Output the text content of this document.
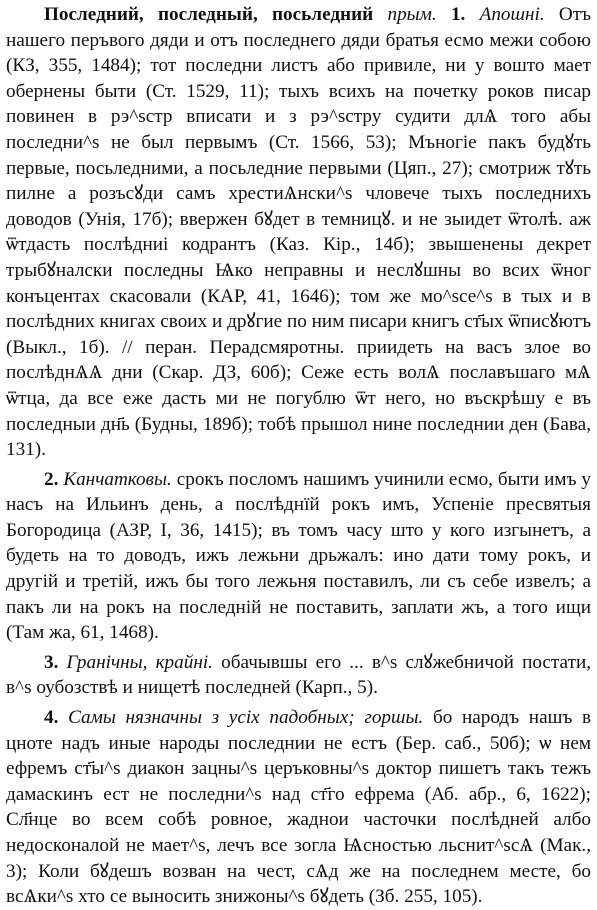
Последний, последный, посьледний прым. 1. Апошні. Отъ нашего перъвого дяди и отъ последнего дяди братья есмо межи собою (КЗ, 355, 1484); тот последни листъ або привиле, ни у вошто мает обернены быти (Ст. 1529, 11); тыхъ всихъ на почетку роков писар повинен в рэ^sстр вписати и з рэ^sстру судити длѦ того абы последни^s не был первымъ (Ст. 1566, 53); Мъногіе пакъ будꙋть первые, посьледними, а посьледние первыми (Цяп., 27); смотриж тꙋть пилне а розъсꙋди самъ хрестиѦнски^s чловече тыхъ последнихъ доводов (Унія, 17б); ввержен бꙋдет в темницꙋ. и не зыидет ѿтолѣ. аж ѿтдасть послѣдниі кодрантъ (Каз. Кір., 14б); звышенены декрет трыбꙋналски последны Ѩко неправны и неслꙋшны во всих ѿног конъцентах скасовали (КАР, 41, 1646); том же мо^sсе^s в тых и в послѣдних книгах своих и дрꙋгие по ним писари книгъ ст҃ых ѿписꙋютъ (Выкл., 1б). // перан. Перадсмяротны. приидеть на васъ злое во послѣднѦѦ дни (Скар. ДЗ, 60б); Сеже есть волѦ пославъшаго мѦ ѿтца, да все еже дасть ми не погублю ѿт него, но въскрѣшу е въ последныи дн҃ь (Будны, 189б); тобѣ прышол нине последнии ден (Бава, 131).

2. Канчатковы. срокъ посломъ нашимъ учинили есмо, быти имъ у насъ на Ильинъ день, а послѣднїй рокъ имъ, Успеніе пресвятыя Богородица (АЗР, I, 36, 1415); въ томъ часу што у кого изгынетъ, а будеть на то доводъ, ижъ лежьни дрьжалъ: ино дати тому рокъ, и другій и третій, ижъ бы того лежьня поставилъ, ли съ себе извелъ; а пакъ ли на рокъ на последній не поставить, заплати жъ, а того ищи (Там жа, 61, 1468).

3. Гранічны, крайні. обачывшы его ... в^s слꙋжебничой постати, в^s оубозствѣ и нищетѣ последней (Карп., 5).

4. Самы нязначны з усіх падобных; горшы. бо народъ нашъ в цноте надъ иные народы последнии не естъ (Бер. саб., 50б); ѡ нем ефремъ ст҃ы^s диакон зацны^s церъковны^s доктор пишетъ такъ тежъ дамаскинъ ест не последни^s над ст҃го ефрема (Аб. абр., 6, 1622); Сл҃нце во всем собѣ ровное, жаднои часточки послѣдней албо недосконалой не мает^s, лечъ все зогла Ѩсностью льснит^sсѦ (Мак., 3); Коли бꙋдешъ возван на чест, сѦд же на последнем месте, бо всѦки^s хто се выносить знижоны^s бꙋдеть (Зб. 255, 105).
